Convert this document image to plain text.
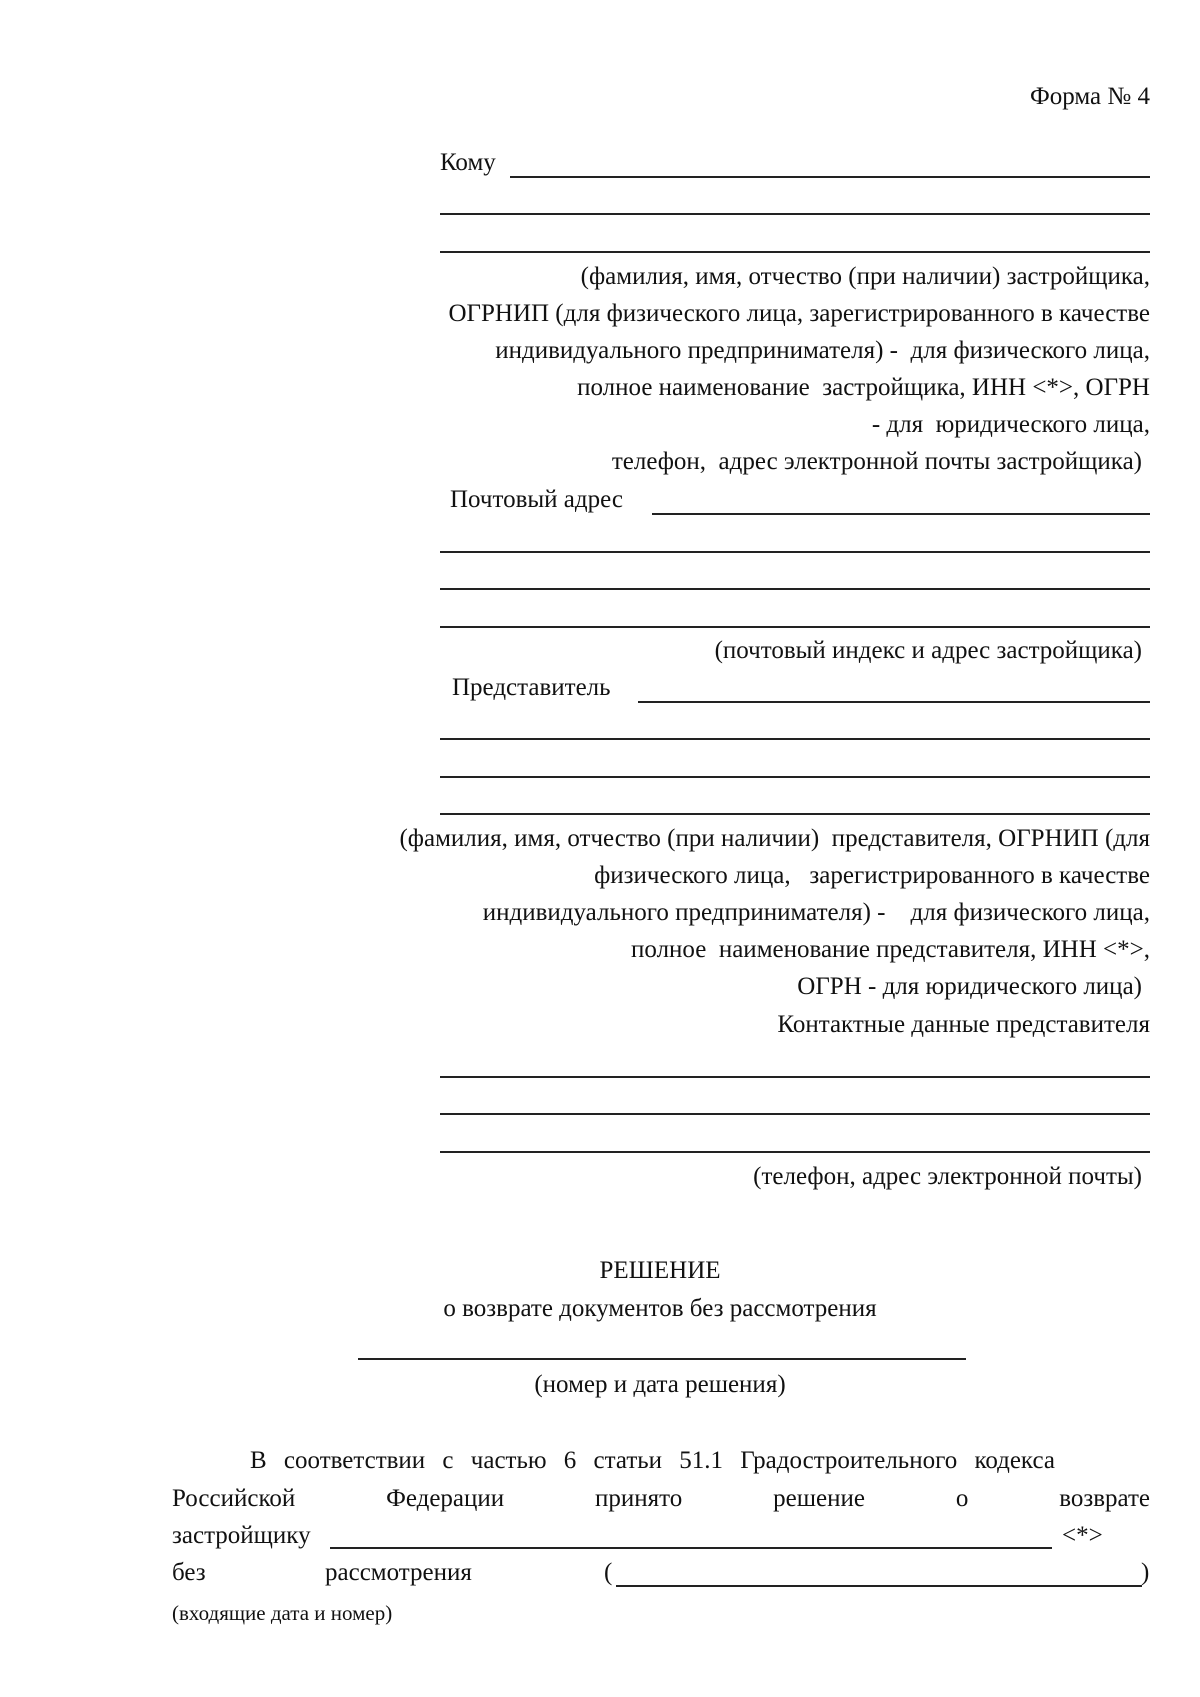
Форма № 4
Кому
(фамилия, имя, отчество (при наличии) застройщика,
ОГРНИП (для физического лица, зарегистрированного в качестве
индивидуального предпринимателя) -  для физического лица,
полное наименование  застройщика, ИНН <*>, ОГРН
- для  юридического лица,
телефон,  адрес электронной почты застройщика)
Почтовый адрес
(почтовый индекс и адрес застройщика)
Представитель
(фамилия, имя, отчество (при наличии)  представителя, ОГРНИП (для
физического лица,   зарегистрированного в качестве
индивидуального предпринимателя) -    для физического лица,
полное  наименование представителя, ИНН <*>,
ОГРН - для юридического лица)
Контактные данные представителя
(телефон, адрес электронной почты)
РЕШЕНИЕ
о возврате документов без рассмотрения
(номер и дата решения)
В соответствии с частью 6 статьи 51.1 Градостроительного кодекса
Российской	Федерации	принято	решение	о	возврате
застройщику	<*>
без	рассмотрения	(	)
(входящие дата и номер)
